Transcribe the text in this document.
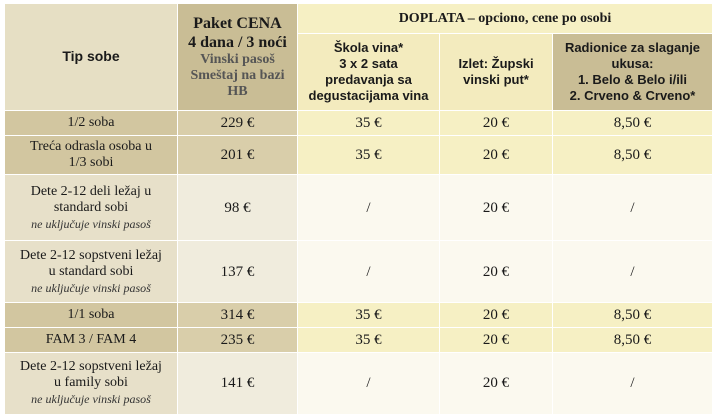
Tip sobe	Paket CENA
4 dana / 3 noći
Vinski pasoš
Smeštaj na bazi
HB	DOPLATA – opciono, cene po osobi		

		Škola vina*
3 x 2 sata
predavanja sa
degustacijama vina	Izlet: Župski
vinski put*	Radionice za slaganje
ukusa:
1. Belo & Belo i/ili
2. Crveno & Crveno*

1/2 soba	229 €	35 €	20 €	8,50 €

Treća odrasla osoba u
1/3 sobi	201 €	35 €	20 €	8,50 €

Dete 2-12 deli ležaj u
standard sobi
ne uključuje vinski pasoš	98 €	/	20 €	/

Dete 2-12 sopstveni ležaj
u standard sobi
ne uključuje vinski pasoš	137 €	/	20 €	/

1/1 soba	314 €	35 €	20 €	8,50 €

FAM 3 / FAM 4	235 €	35 €	20 €	8,50 €

Dete 2-12 sopstveni ležaj
u family sobi
ne uključuje vinski pasoš	141 €	/	20 €	/
